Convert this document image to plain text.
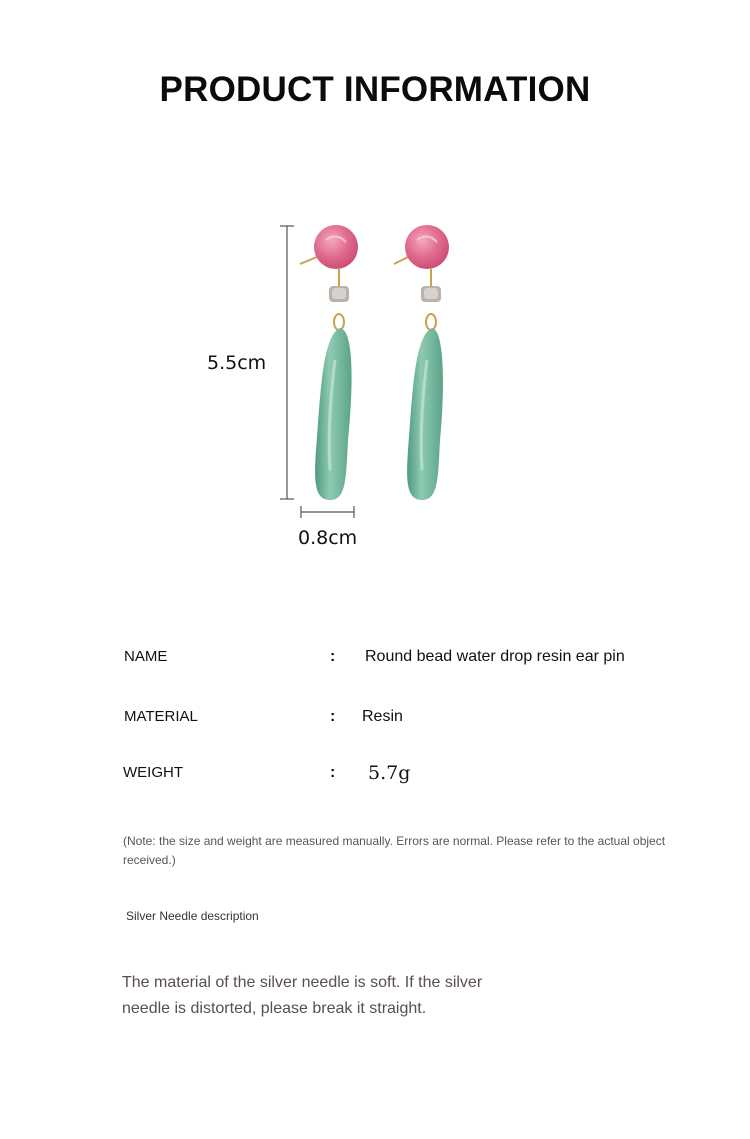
PRODUCT INFORMATION
5.5cm
0.8cm
NAME	: Round bead water drop resin ear pin
MATERIAL	: Resin
WEIGHT	: 5.7g
(Note: the size and weight are measured manually. Errors are normal. Please refer to the actual object received.)
Silver Needle description
The material of the silver needle is soft. If the silver needle is distorted, please break it straight.
